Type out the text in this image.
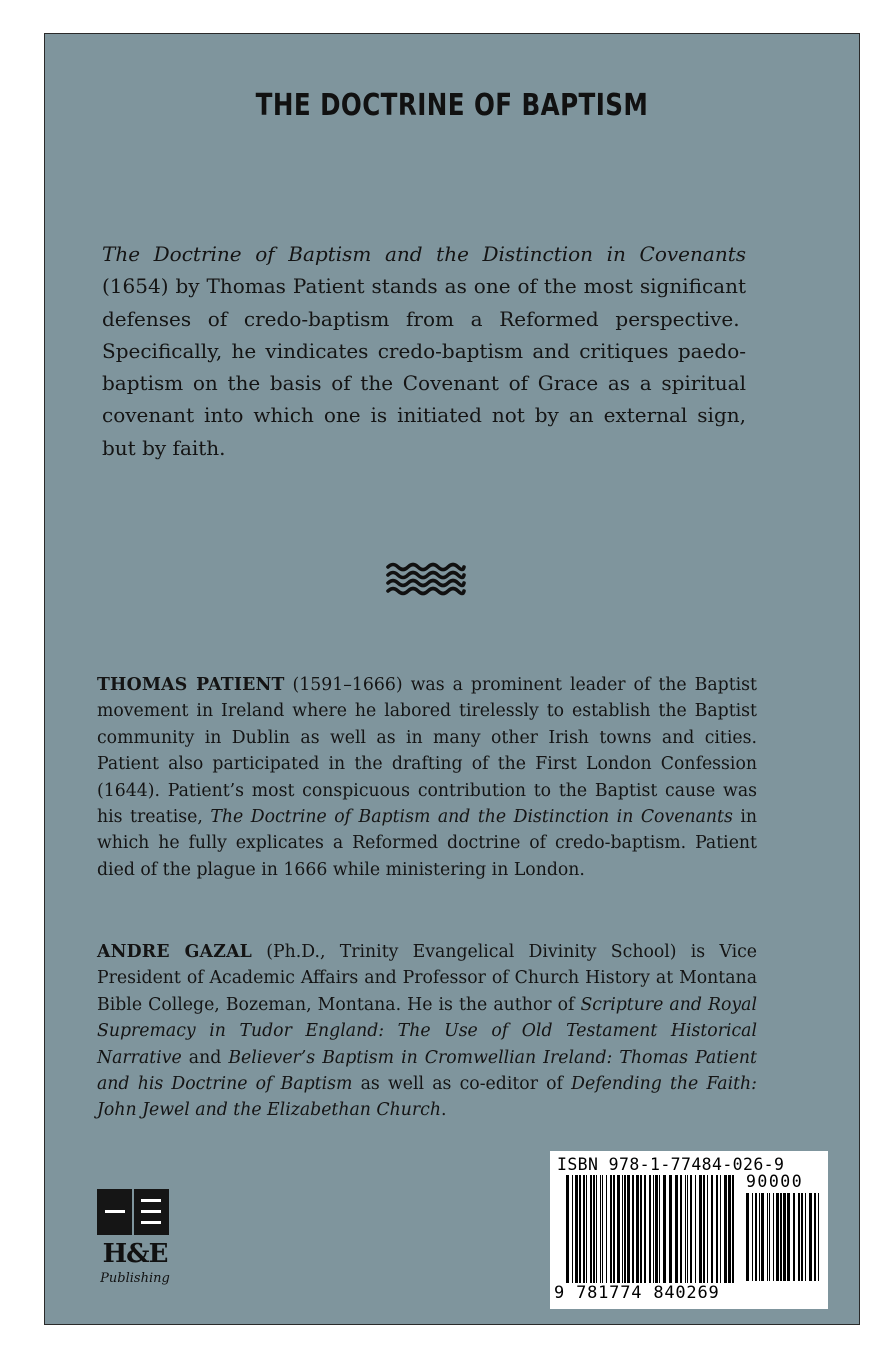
THE DOCTRINE OF BAPTISM

The Doctrine of Baptism and the Distinction in Covenants (1654) by Thomas Patient stands as one of the most significant defenses of credo-baptism from a Reformed perspective.  Specifically, he vindicates credo-baptism and critiques paedo-baptism on the basis of the Covenant of Grace as a spiritual covenant into which one is initiated not by an external sign, but by faith.

THOMAS PATIENT (1591–1666) was a prominent leader of the Baptist movement in Ireland where he labored tirelessly to establish the Baptist community in Dublin as well as in many other Irish towns and cities. Patient also participated in the drafting of the First London Confession (1644). Patient’s most conspicuous contribution to the Baptist cause was his treatise, The Doctrine of Baptism and the Distinction in Covenants in which he fully explicates a Reformed doctrine of credo-baptism. Patient died of the plague in 1666 while ministering in London.

ANDRE GAZAL (Ph.D., Trinity Evangelical Divinity School) is Vice President of Academic Affairs and Professor of Church History at Montana Bible College, Bozeman, Montana. He is the author of Scripture and Royal Supremacy in Tudor England: The Use of Old Testament Historical Narrative and Believer’s Baptism in Cromwellian Ireland: Thomas Patient and his Doctrine of Baptism as well as co-editor of Defending the Faith: John Jewel and the Elizabethan Church.

H&E
Publishing
ISBN 978-1-77484-026-9
90000
9 781774 840269
